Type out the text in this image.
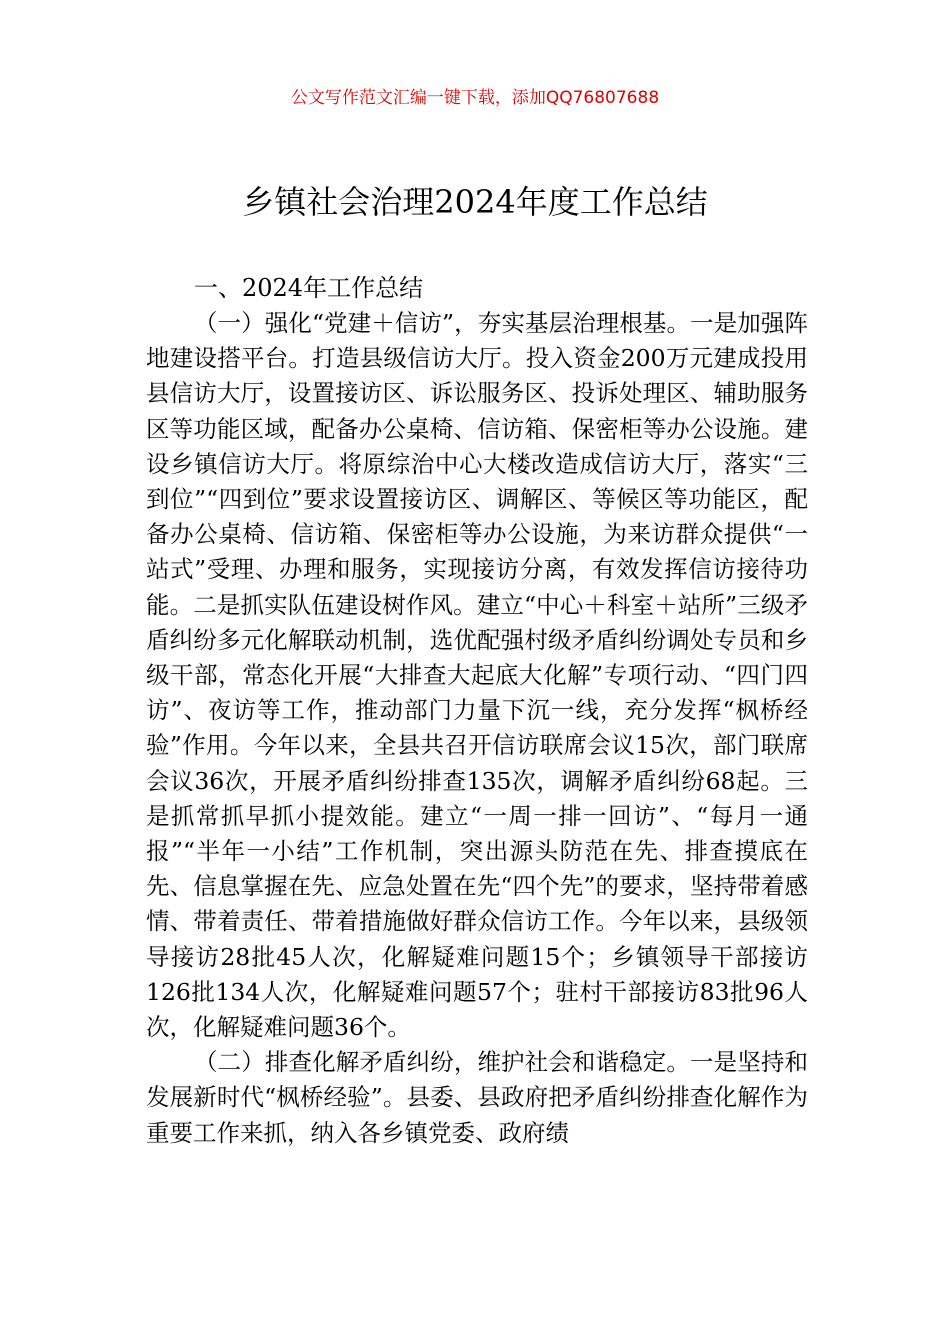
公文写作范文汇编一键下载，添加QQ76807688
乡镇社会治理2024年度工作总结

一、2024年工作总结

（一）强化“党建＋信访”，夯实基层治理根基。一是加强阵地建设搭平台。打造县级信访大厅。投入资金200万元建成投用县信访大厅，设置接访区、诉讼服务区、投诉处理区、辅助服务区等功能区域，配备办公桌椅、信访箱、保密柜等办公设施。建设乡镇信访大厅。将原综治中心大楼改造成信访大厅，落实“三到位”“四到位”要求设置接访区、调解区、等候区等功能区，配备办公桌椅、信访箱、保密柜等办公设施，为来访群众提供“一站式”受理、办理和服务，实现接访分离，有效发挥信访接待功能。二是抓实队伍建设树作风。建立“中心＋科室＋站所”三级矛盾纠纷多元化解联动机制，选优配强村级矛盾纠纷调处专员和乡级干部，常态化开展“大排查大起底大化解”专项行动、“四门四访”、夜访等工作，推动部门力量下沉一线，充分发挥“枫桥经验”作用。今年以来，全县共召开信访联席会议15次，部门联席会议36次，开展矛盾纠纷排查135次，调解矛盾纠纷68起。三是抓常抓早抓小提效能。建立“一周一排一回访”、“每月一通报”“半年一小结”工作机制，突出源头防范在先、排查摸底在先、信息掌握在先、应急处置在先“四个先”的要求，坚持带着感情、带着责任、带着措施做好群众信访工作。今年以来，县级领导接访28批45人次，化解疑难问题15个；乡镇领导干部接访126批134人次，化解疑难问题57个；驻村干部接访83批96人次，化解疑难问题36个。

（二）排查化解矛盾纠纷，维护社会和谐稳定。一是坚持和发展新时代“枫桥经验”。县委、县政府把矛盾纠纷排查化解作为重要工作来抓，纳入各乡镇党委、政府绩
